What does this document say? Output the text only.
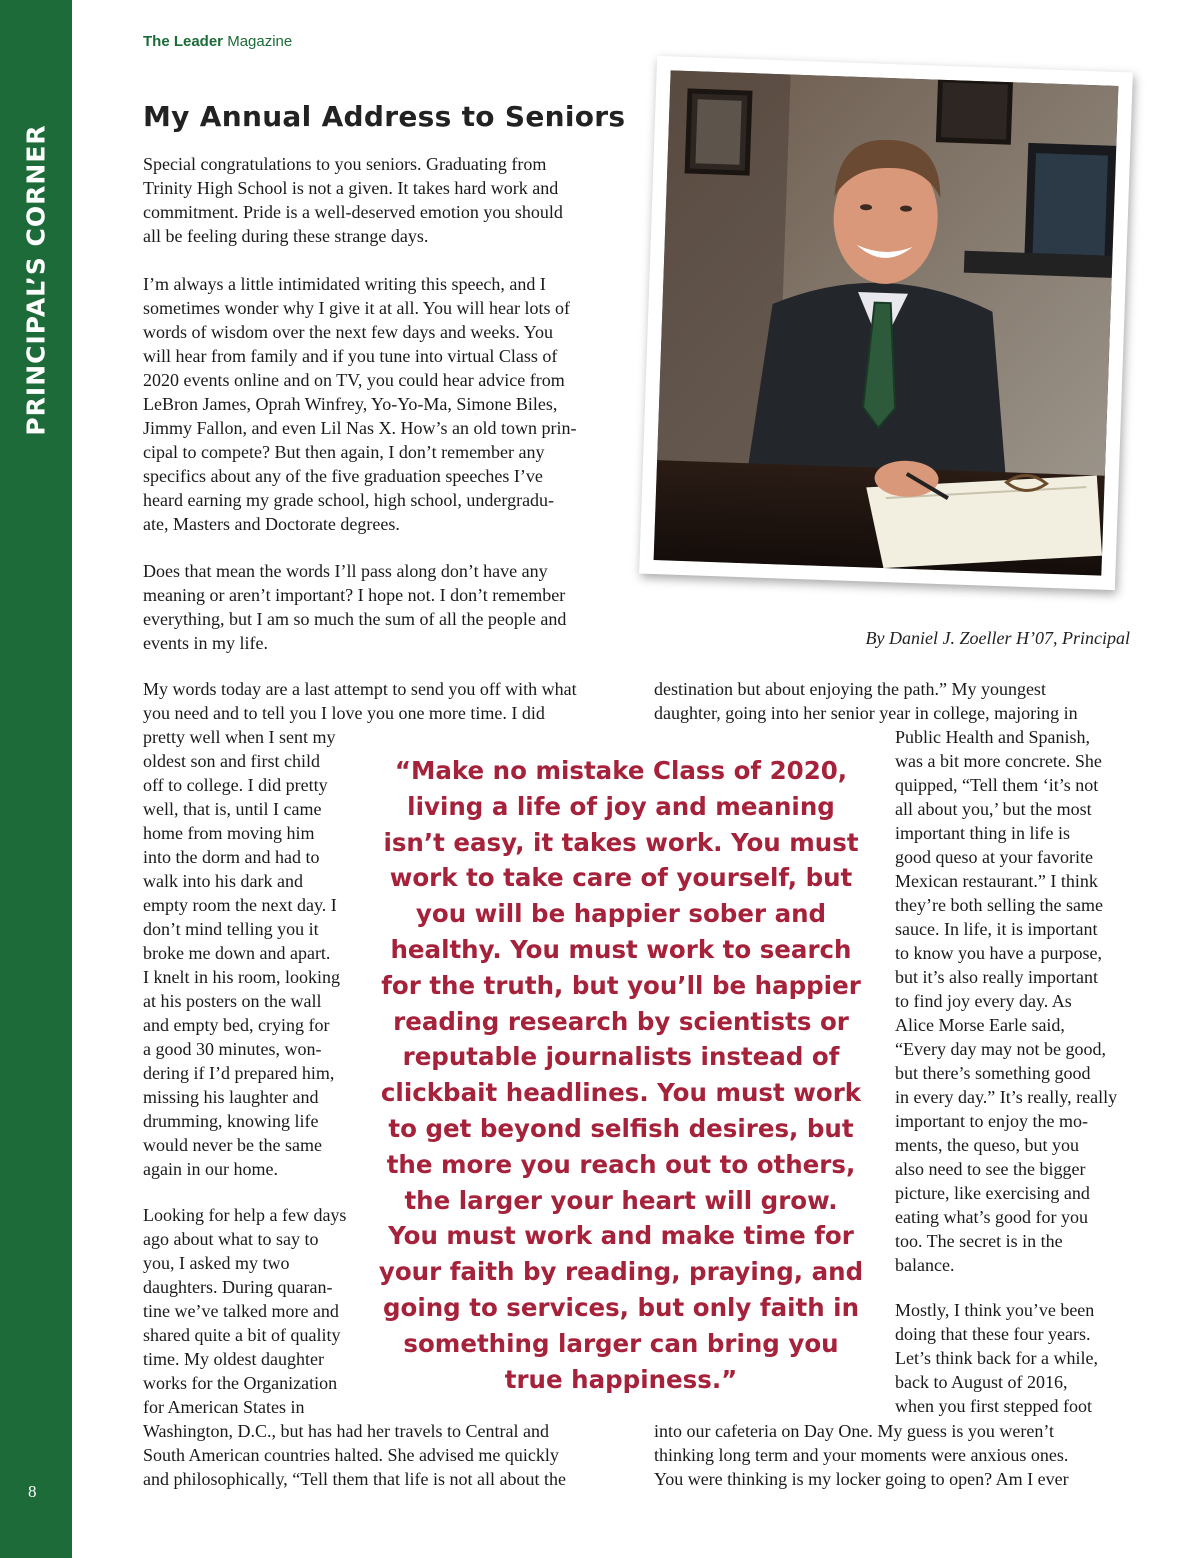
PRINCIPAL’S CORNER
8
The Leader Magazine
My Annual Address to Seniors
Special congratulations to you seniors. Graduating from
Trinity High School is not a given. It takes hard work and
commitment. Pride is a well-deserved emotion you should
all be feeling during these strange days.
I’m always a little intimidated writing this speech, and I
sometimes wonder why I give it at all. You will hear lots of
words of wisdom over the next few days and weeks. You
will hear from family and if you tune into virtual Class of
2020 events online and on TV, you could hear advice from
LeBron James, Oprah Winfrey, Yo-Yo-Ma, Simone Biles,
Jimmy Fallon, and even Lil Nas X. How’s an old town prin-
cipal to compete? But then again, I don’t remember any
specifics about any of the five graduation speeches I’ve
heard earning my grade school, high school, undergradu-
ate, Masters and Doctorate degrees.
Does that mean the words I’ll pass along don’t have any
meaning or aren’t important? I hope not. I don’t remember
everything, but I am so much the sum of all the people and
events in my life.	By Daniel J. Zoeller H’07, Principal
My words today are a last attempt to send you off with what
you need and to tell you I love you one more time. I did
pretty well when I sent my
oldest son and first child
off to college. I did pretty
well, that is, until I came
home from moving him
into the dorm and had to
walk into his dark and
empty room the next day. I
don’t mind telling you it
broke me down and apart.
I knelt in his room, looking
at his posters on the wall
and empty bed, crying for
a good 30 minutes, won-
dering if I’d prepared him,
missing his laughter and
drumming, knowing life
would never be the same
again in our home.
Looking for help a few days
ago about what to say to
you, I asked my two
daughters. During quaran-
tine we’ve talked more and
shared quite a bit of quality
time. My oldest daughter
works for the Organization
for American States in
Washington, D.C., but has had her travels to Central and
South American countries halted. She advised me quickly
and philosophically, “Tell them that life is not all about the
destination but about enjoying the path.” My youngest
daughter, going into her senior year in college, majoring in
Public Health and Spanish,
was a bit more concrete. She
quipped, “Tell them ‘it’s not
all about you,’ but the most
important thing in life is
good queso at your favorite
Mexican restaurant.” I think
they’re both selling the same
sauce. In life, it is important
to know you have a purpose,
but it’s also really important
to find joy every day. As
Alice Morse Earle said,
“Every day may not be good,
but there’s something good
in every day.” It’s really, really
important to enjoy the mo-
ments, the queso, but you
also need to see the bigger
picture, like exercising and
eating what’s good for you
too. The secret is in the
balance.
Mostly, I think you’ve been
doing that these four years.
Let’s think back for a while,
back to August of 2016,
when you first stepped foot
into our cafeteria on Day One. My guess is you weren’t
thinking long term and your moments were anxious ones.
You were thinking is my locker going to open? Am I ever
“Make no mistake Class of 2020,
living a life of joy and meaning
isn’t easy, it takes work. You must
work to take care of yourself, but
you will be happier sober and
healthy. You must work to search
for the truth, but you’ll be happier
reading research by scientists or
reputable journalists instead of
clickbait headlines. You must work
to get beyond selfish desires, but
the more you reach out to others,
the larger your heart will grow.
You must work and make time for
your faith by reading, praying, and
going to services, but only faith in
something larger can bring you
true happiness.”
